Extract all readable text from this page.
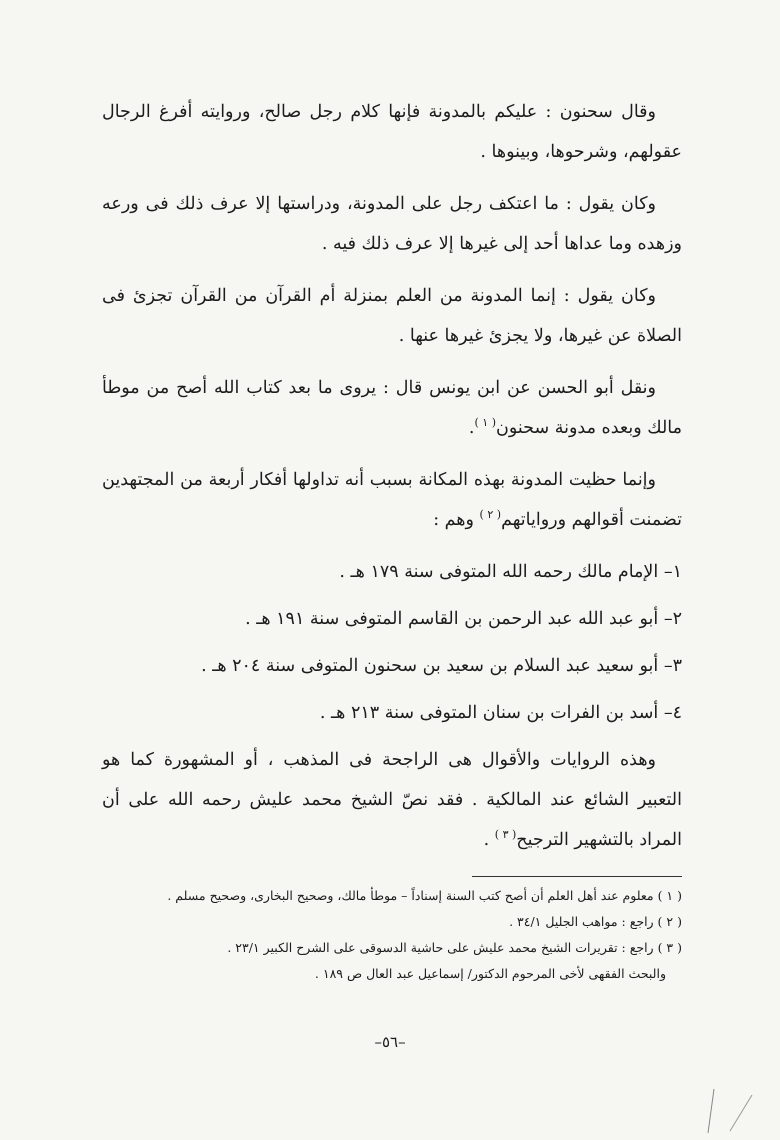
وقال سحنون : عليكم بالمدونة فإنها كلام رجل صالح، وروايته أفرغ الرجال عقولهم، وشرحوها، وبينوها .

وكان يقول : ما اعتكف رجل على المدونة، ودراستها إلا عرف ذلك فى ورعه وزهده وما عداها أحد إلى غيرها إلا عرف ذلك فيه .

وكان يقول : إنما المدونة من العلم بمنزلة أم القرآن من القرآن تجزئ فى الصلاة عن غيرها، ولا يجزئ غيرها عنها .

ونقل أبو الحسن عن ابن يونس قال : يروى ما بعد كتاب الله أصح من موطأ مالك وبعده مدونة سحنون$^{( ١ )}$.

وإنما حظيت المدونة بهذه المكانة بسبب أنه تداولها أفكار أربعة من المجتهدين تضمنت أقوالهم ورواياتهم$^{( ٢ )}$ وهم :

١– الإمام مالك رحمه الله المتوفى سنة ١٧٩ هـ .

٢– أبو عبد الله عبد الرحمن بن القاسم المتوفى سنة ١٩١ هـ .

٣– أبو سعيد عبد السلام بن سعيد بن سحنون المتوفى سنة ٢٠٤ هـ .

٤– أسد بن الفرات بن سنان المتوفى سنة ٢١٣ هـ .

وهذه الروايات والأقوال هى الراجحة فى المذهب ، أو المشهورة كما هو التعبير الشائع عند المالكية . فقد نصّ الشيخ محمد عليش رحمه الله على أن المراد بالتشهير الترجيح$^{( ٣ )}$ .

( ١ ) معلوم عند أهل العلم أن أصح كتب السنة إسناداً – موطأ مالك، وصحيح البخارى، وصحيح مسلم .

( ٢ ) راجع : مواهب الجليل ٣٤/١ .

( ٣ ) راجع : تقريرات الشيخ محمد عليش على حاشية الدسوقى على الشرح الكبير ٢٣/١ .

والبحث الفقهى لأخى المرحوم الدكتور/ إسماعيل عبد العال ص ١٨٩ .

–٥٦–
